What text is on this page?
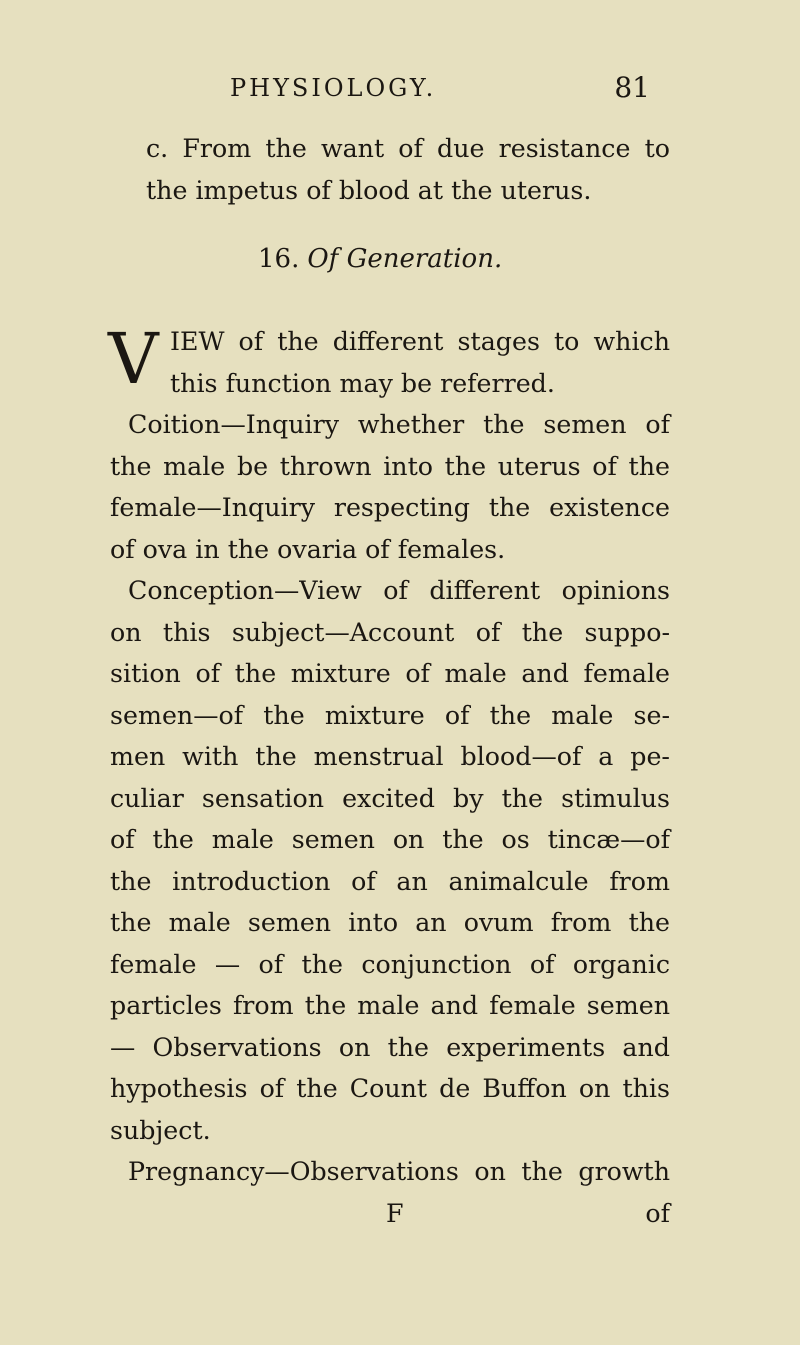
PHYSIOLOGY.	81
c. From the want of due resistance to
the impetus of blood at the uterus.
16. Of Generation.
V IEW of the different stages to which
this function may be referred.
Coition—Inquiry whether the semen of
the male be thrown into the uterus of the
female—Inquiry respecting the existence
of ova in the ovaria of females.
Conception—View of different opinions
on this subject—Account of the suppo-
sition of the mixture of male and female
semen—of the mixture of the male se-
men with the menstrual blood—of a pe-
culiar sensation excited by the stimulus
of the male semen on the os tincæ—of
the introduction of an animalcule from
the male semen into an ovum from the
female — of the conjunction of organic
particles from the male and female semen
— Observations on the experiments and
hypothesis of the Count de Buffon on this
subject.
Pregnancy—Observations on the growth
F	of
